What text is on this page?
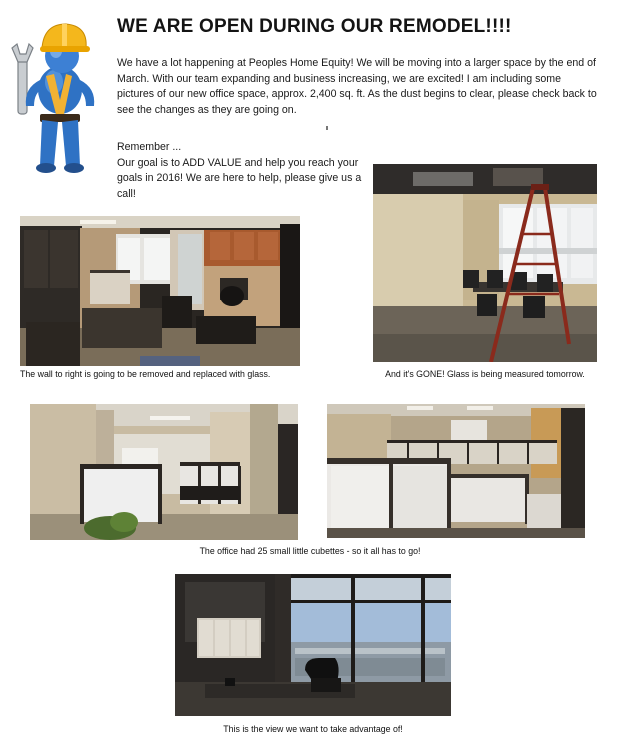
WE ARE OPEN DURING OUR REMODEL!!!!
We have a lot happening at Peoples Home Equity! We will be moving into a larger space by the end of March. With our team expanding and business increasing, we are excited! I am including some pictures of our new office space, approx. 2,400 sq. ft. As the dust begins to clear, please check back to see the changes as they are going on.

Remember ...

Our goal is to ADD VALUE and help you reach your goals in 2016! We are here to help, please give us a call!

The wall to right is going to be removed and replaced with glass.	And it's GONE! Glass is being measured tomorrow.
The office had 25 small little cubettes - so it all has to go!
This is the view we want to take advantage of!
